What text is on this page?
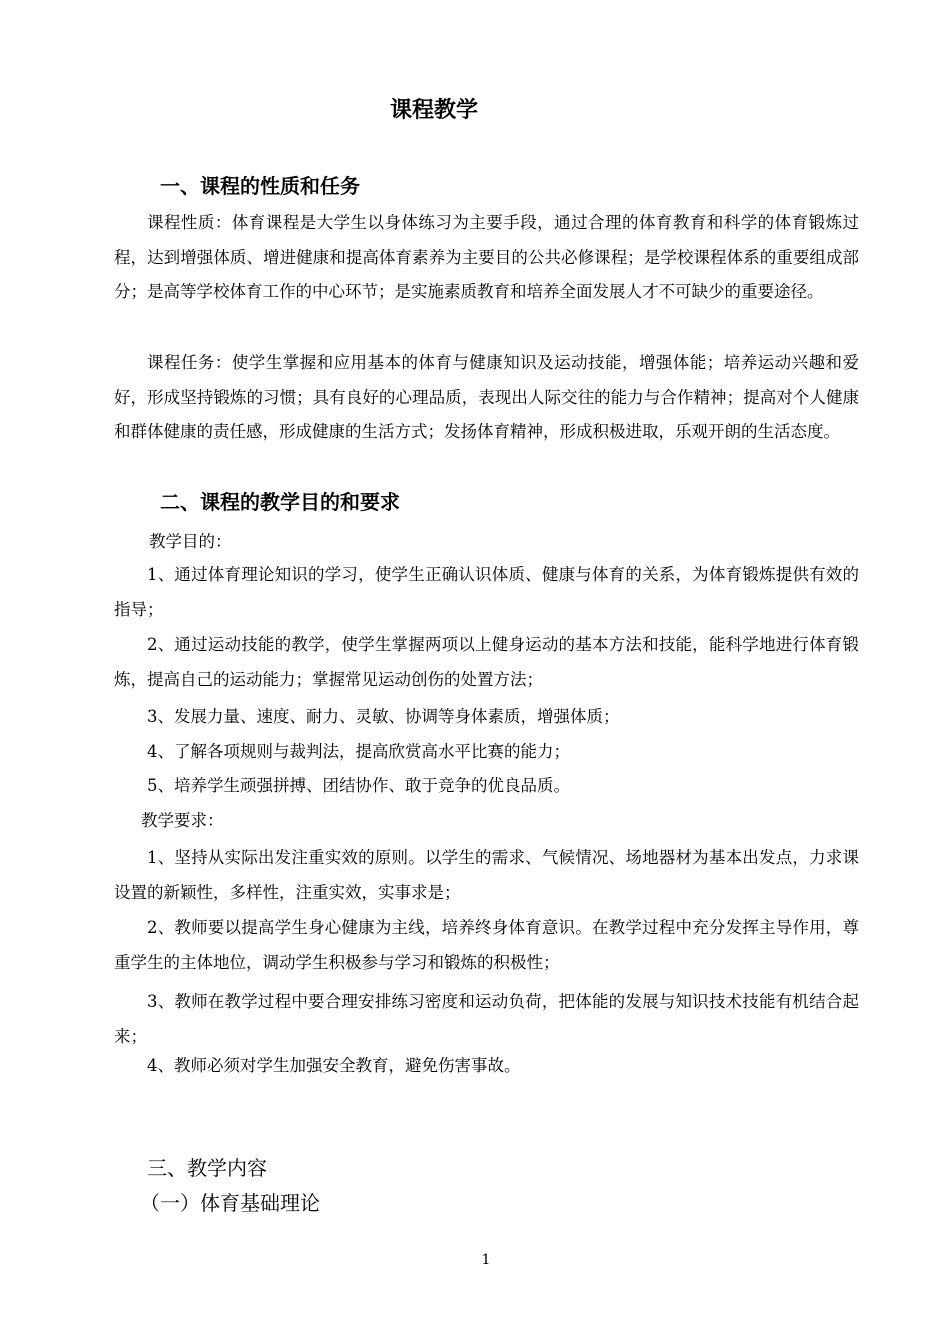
课程教学
一、课程的性质和任务

课程性质：体育课程是大学生以身体练习为主要手段，通过合理的体育教育和科学的体育锻炼过程，达到增强体质、增进健康和提高体育素养为主要目的公共必修课程；是学校课程体系的重要组成部分；是高等学校体育工作的中心环节；是实施素质教育和培养全面发展人才不可缺少的重要途径。

课程任务：使学生掌握和应用基本的体育与健康知识及运动技能，增强体能；培养运动兴趣和爱好，形成坚持锻炼的习惯；具有良好的心理品质，表现出人际交往的能力与合作精神；提高对个人健康和群体健康的责任感，形成健康的生活方式；发扬体育精神，形成积极进取，乐观开朗的生活态度。

二、课程的教学目的和要求

教学目的：

1、通过体育理论知识的学习，使学生正确认识体质、健康与体育的关系，为体育锻炼提供有效的指导；

2、通过运动技能的教学，使学生掌握两项以上健身运动的基本方法和技能，能科学地进行体育锻炼，提高自己的运动能力；掌握常见运动创伤的处置方法；

3、发展力量、速度、耐力、灵敏、协调等身体素质，增强体质；

4、了解各项规则与裁判法，提高欣赏高水平比赛的能力；

5、培养学生顽强拼搏、团结协作、敢于竞争的优良品质。

教学要求：

1、坚持从实际出发注重实效的原则。以学生的需求、气候情况、场地器材为基本出发点，力求课设置的新颖性，多样性，注重实效，实事求是；

2、教师要以提高学生身心健康为主线，培养终身体育意识。在教学过程中充分发挥主导作用，尊重学生的主体地位，调动学生积极参与学习和锻炼的积极性；

3、教师在教学过程中要合理安排练习密度和运动负荷，把体能的发展与知识技术技能有机结合起来；

4、教师必须对学生加强安全教育，避免伤害事故。

三、教学内容
（一）体育基础理论
1
